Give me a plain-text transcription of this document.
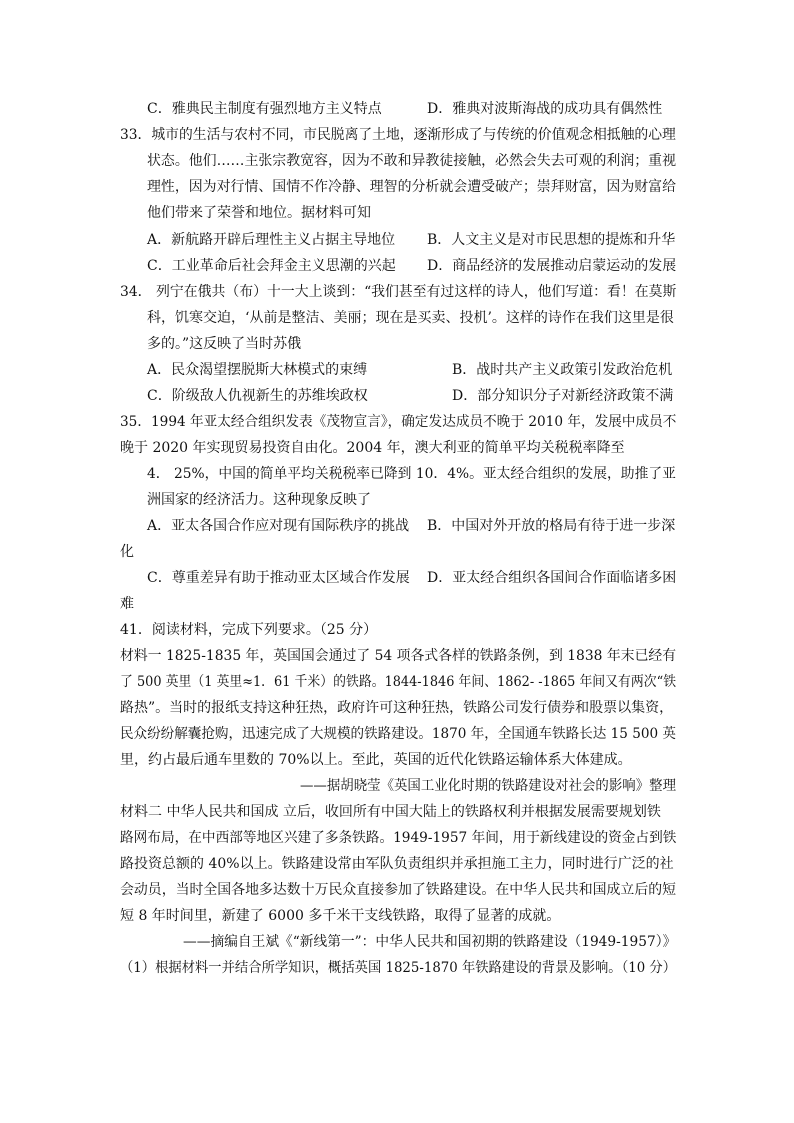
C．雅典民主制度有强烈地方主义特点	D．雅典对波斯海战的成功具有偶然性
33．城市的生活与农村不同，市民脱离了土地，逐渐形成了与传统的价值观念相抵触的心理
状态。他们……主张宗教宽容，因为不敢和异教徒接触，必然会失去可观的利润；重视
理性，因为对行情、国情不作冷静、理智的分析就会遭受破产；崇拜财富，因为财富给
他们带来了荣誉和地位。据材料可知
A．新航路开辟后理性主义占据主导地位 B．人文主义是对市民思想的提炼和升华
C．工业革命后社会拜金主义思潮的兴起 D．商品经济的发展推动启蒙运动的发展
34． 列宁在俄共（布）十一大上谈到：“我们甚至有过这样的诗人，他们写道：看！在莫斯
科，饥寒交迫，‘从前是整洁、美丽；现在是买卖、投机’。这样的诗作在我们这里是很
多的。”这反映了当时苏俄
A．民众渴望摆脱斯大林模式的束缚	B．战时共产主义政策引发政治危机
C．阶级敌人仇视新生的苏维埃政权	D．部分知识分子对新经济政策不满
35．1994 年亚太经合组织发表《茂物宣言》，确定发达成员不晚于 2010 年，发展中成员不
晚于 2020 年实现贸易投资自由化。2004 年，澳大利亚的简单平均关税税率降至
4． 25%，中国的简单平均关税税率已降到 10．4%。亚太经合组织的发展，助推了亚
洲国家的经济活力。这种现象反映了
A．亚太各国合作应对现有国际秩序的挑战 B．中国对外开放的格局有待于进一步深
化
C．尊重差异有助于推动亚太区域合作发展 D．亚太经合组织各国间合作面临诸多困
难
41．阅读材料，完成下列要求。（25 分）
材料一 1825-1835 年，英国国会通过了 54 项各式各样的铁路条例，到 1838 年末已经有
了 500 英里（1 英里≈1．61 千米）的铁路。1844-1846 年间、1862- -1865 年间又有两次“铁
路热”。当时的报纸支持这种狂热，政府许可这种狂热，铁路公司发行债券和股票以集资，
民众纷纷解囊抢购，迅速完成了大规模的铁路建设。1870 年，全国通车铁路长达 15 500 英
里，约占最后通车里数的 70%以上。至此，英国的近代化铁路运输体系大体建成。
——据胡晓莹《英国工业化时期的铁路建设对社会的影响》整理
材料二 中华人民共和国成 立后，收回所有中国大陆上的铁路权利并根据发展需要规划铁
路网布局，在中西部等地区兴建了多条铁路。1949-1957 年间，用于新线建设的资金占到铁
路投资总额的 40%以上。铁路建设常由军队负责组织并承担施工主力，同时进行广泛的社
会动员，当时全国各地多达数十万民众直接参加了铁路建设。在中华人民共和国成立后的短
短 8 年时间里，新建了 6000 多千米干支线铁路，取得了显著的成就。
——摘编自王斌《“新线第一”：中华人民共和国初期的铁路建设（1949-1957）》
（1）根据材料一并结合所学知识，概括英国 1825-1870 年铁路建设的背景及影响。（10 分）
